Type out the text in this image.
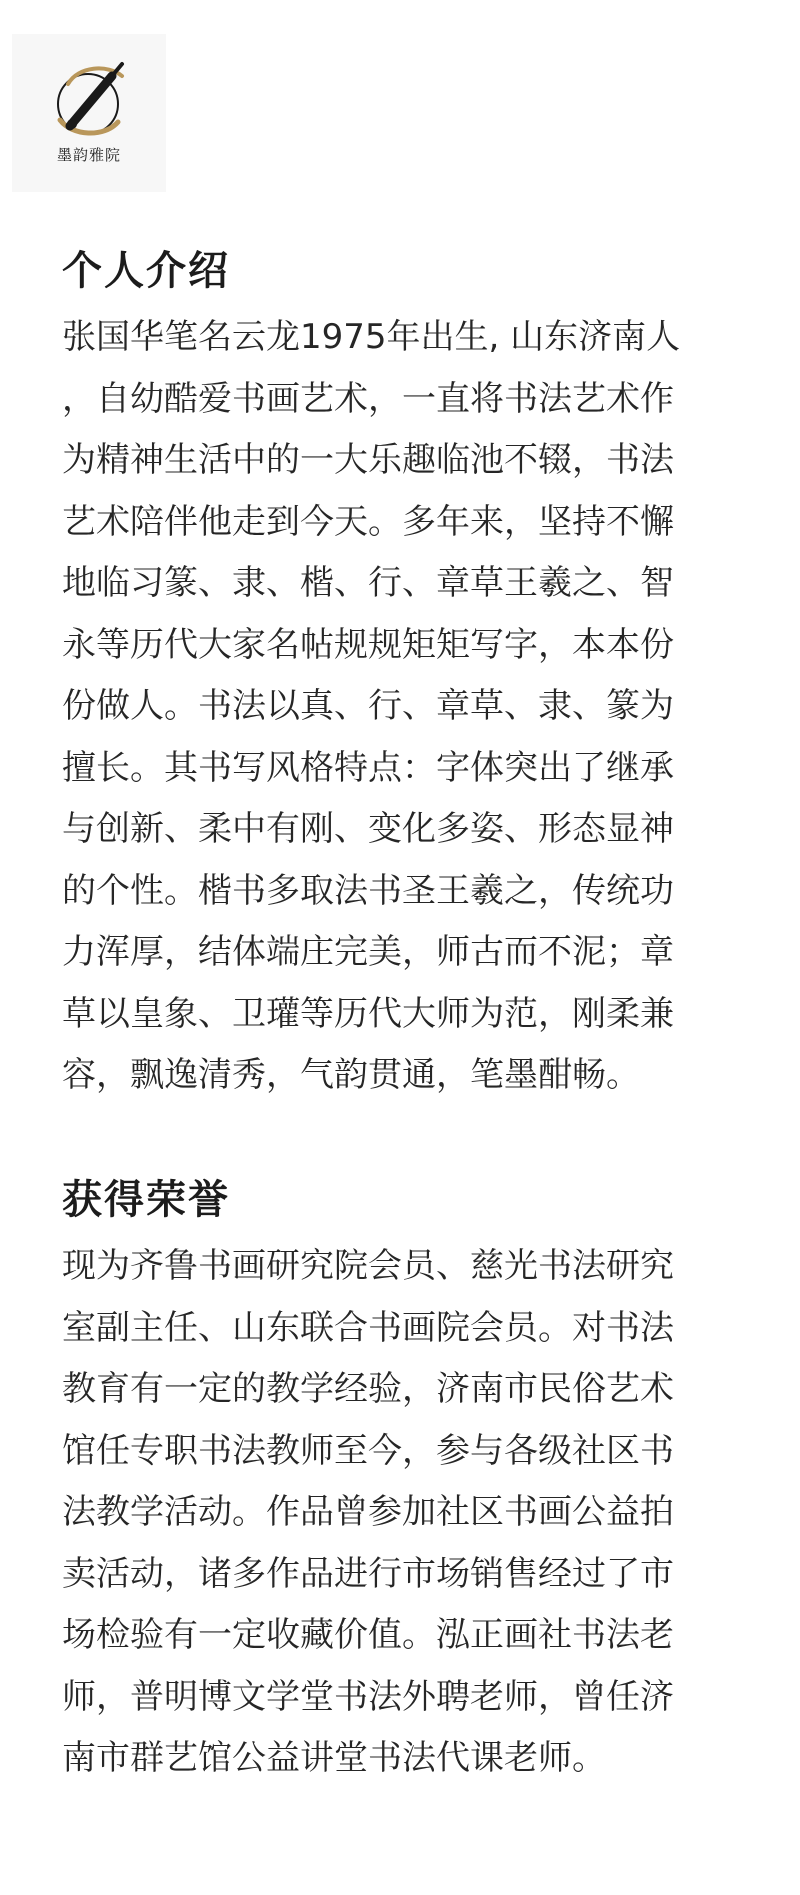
墨韵雅院
个人介绍

张国华笔名云龙1975年出生, 山东济南人
，自幼酷爱书画艺术，一直将书法艺术作
为精神生活中的一大乐趣临池不辍，书法
艺术陪伴他走到今天。多年来，坚持不懈
地临习篆、隶、楷、行、章草王羲之、智
永等历代大家名帖规规矩矩写字，本本份
份做人。书法以真、行、章草、隶、篆为
擅长。其书写风格特点：字体突出了继承
与创新、柔中有刚、变化多姿、形态显神
的个性。楷书多取法书圣王羲之，传统功
力浑厚，结体端庄完美，师古而不泥；章
草以皇象、卫瓘等历代大师为范，刚柔兼
容，飘逸清秀，气韵贯通，笔墨酣畅。

获得荣誉

现为齐鲁书画研究院会员、慈光书法研究
室副主任、山东联合书画院会员。对书法
教育有一定的教学经验，济南市民俗艺术
馆任专职书法教师至今，参与各级社区书
法教学活动。作品曾参加社区书画公益拍
卖活动，诸多作品进行市场销售经过了市
场检验有一定收藏价值。泓正画社书法老
师，普明博文学堂书法外聘老师，曾任济
南市群艺馆公益讲堂书法代课老师。
